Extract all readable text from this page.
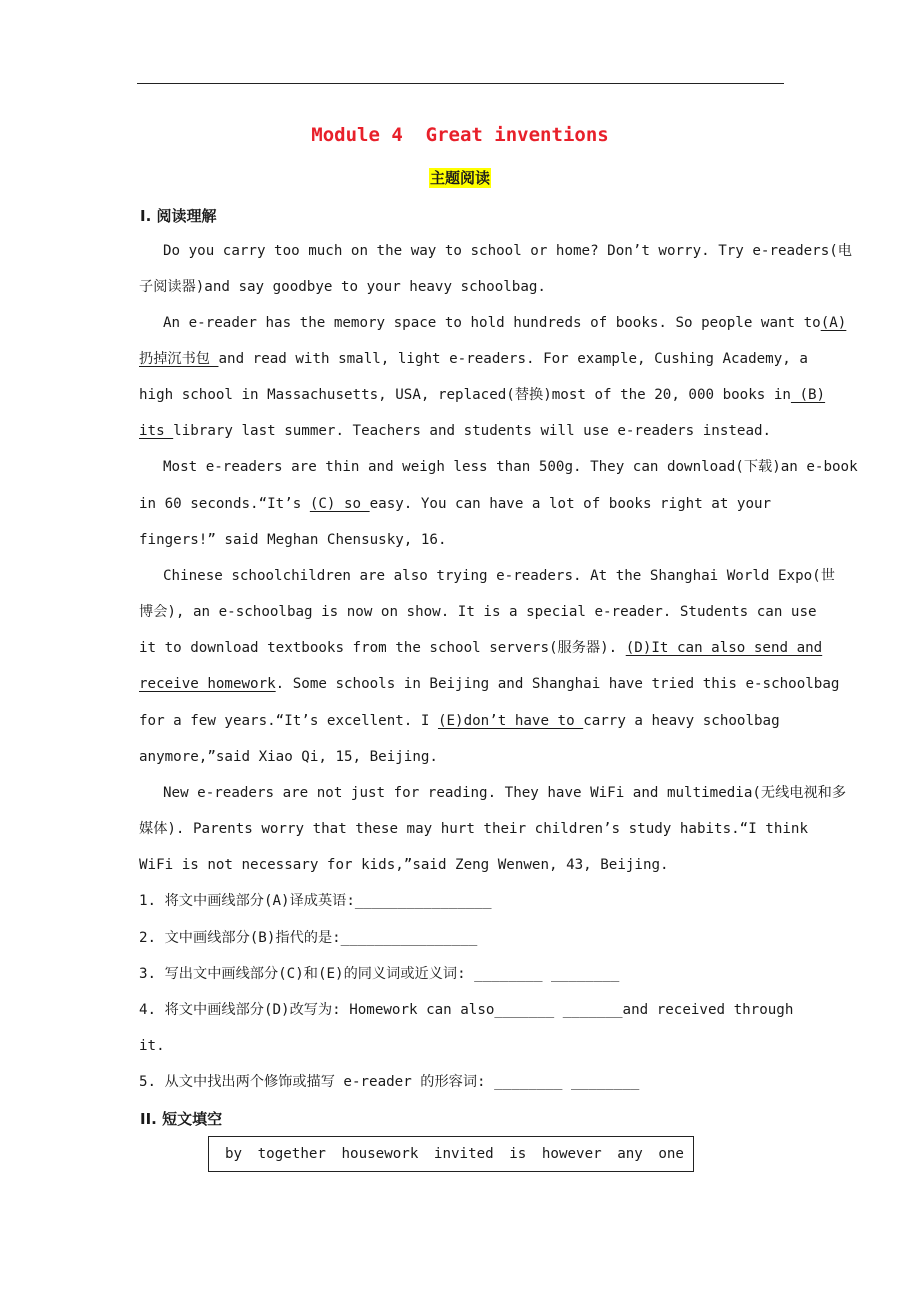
Module 4  Great inventions
主题阅读
I. 阅读理解
Do you carry too much on the way to school or home? Don’t worry. Try e-readers(电
子阅读器)and say goodbye to your heavy schoolbag.
An e-reader has the memory space to hold hundreds of books. So people want to(A)
扔掉沉书包 and read with small, light e-readers. For example, Cushing Academy, a
high school in Massachusetts, USA, replaced(替换)most of the 20, 000 books in (B)
its library last summer. Teachers and students will use e-readers instead.
Most e-readers are thin and weigh less than 500g. They can download(下载)an e-book
in 60 seconds.“It’s (C) so easy. You can have a lot of books right at your
fingers!” said Meghan Chensusky, 16.
Chinese schoolchildren are also trying e-readers. At the Shanghai World Expo(世
博会), an e-schoolbag is now on show. It is a special e-reader. Students can use
it to download textbooks from the school servers(服务器). (D)It can also send and
receive homework. Some schools in Beijing and Shanghai have tried this e-schoolbag
for a few years.“It’s excellent. I (E)don’t have to carry a heavy schoolbag
anymore,”said Xiao Qi, 15, Beijing.
New e-readers are not just for reading. They have WiFi and multimedia(无线电视和多
媒体). Parents worry that these may hurt their children’s study habits.“I think
WiFi is not necessary for kids,”said Zeng Wenwen, 43, Beijing.
1. 将文中画线部分(A)译成英语:________________
2. 文中画线部分(B)指代的是:________________
3. 写出文中画线部分(C)和(E)的同义词或近义词: ________ ________
4. 将文中画线部分(D)改写为: Homework can also_______ _______and received through
it.
5. 从文中找出两个修饰或描写 e-reader 的形容词: ________ ________
II. 短文填空
by together housework invited is however any one
